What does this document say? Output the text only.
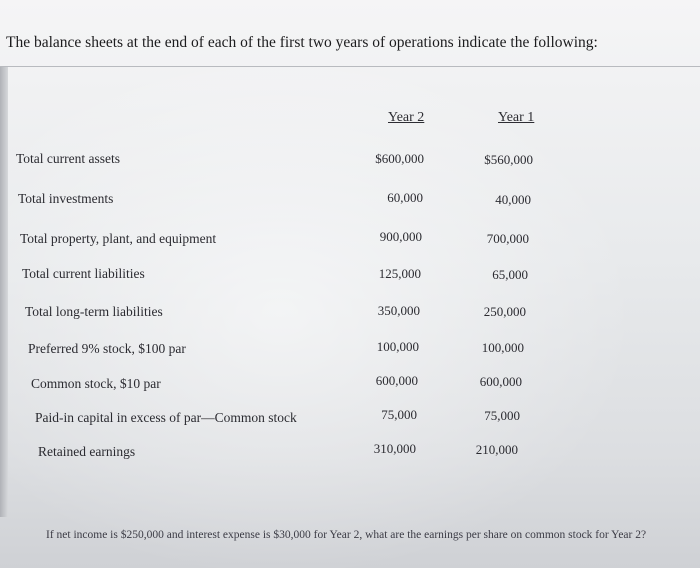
The balance sheets at the end of each of the first two years of operations indicate the following:
Year 2	Year 1
Total current assets	$600,000	$560,000
Total investments	60,000	40,000
Total property, plant, and equipment	900,000	700,000
Total current liabilities	125,000	65,000
Total long-term liabilities	350,000	250,000
Preferred 9% stock, $100 par	100,000	100,000
Common stock, $10 par	600,000	600,000
Paid-in capital in excess of par—Common stock	75,000	75,000
Retained earnings	310,000	210,000
If net income is $250,000 and interest expense is $30,000 for Year 2, what are the earnings per share on common stock for Year 2?
